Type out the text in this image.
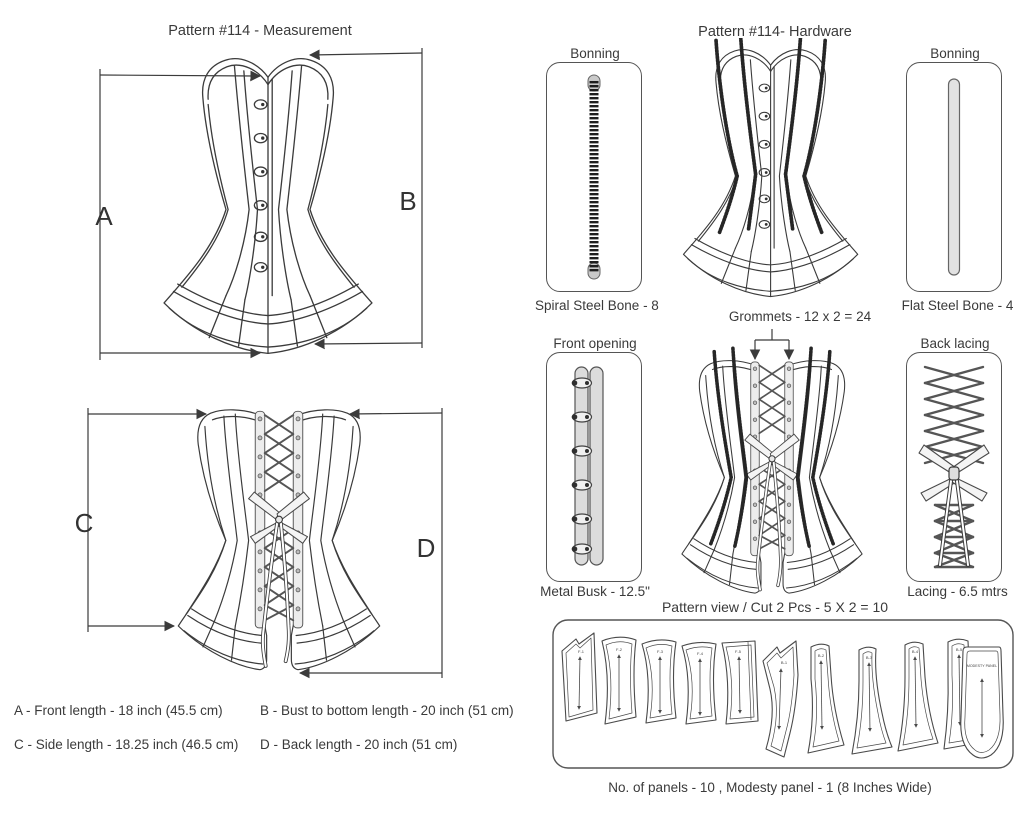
Pattern #114 - Measurement
A	B
C
D
A - Front length - 18 inch (45.5 cm)	B - Bust to bottom length - 20 inch (51 cm)
C - Side length - 18.25 inch (46.5 cm) D - Back length - 20 inch (51 cm)
Pattern #114- Hardware
Bonning
Spiral Steel Bone - 8
Bonning
Flat Steel Bone - 4
Grommets - 12 x 2 = 24
Front opening
Metal Busk - 12.5"
Back lacing
Lacing - 6.5 mtrs
Pattern view / Cut 2 Pcs - 5 X 2 = 10
F-1	F-2	F-3	F-4	F-5
B-1
B-2	B-3
B-4	B-5
MODESTY PANEL
No. of panels - 10 , Modesty panel - 1 (8 Inches Wide)
